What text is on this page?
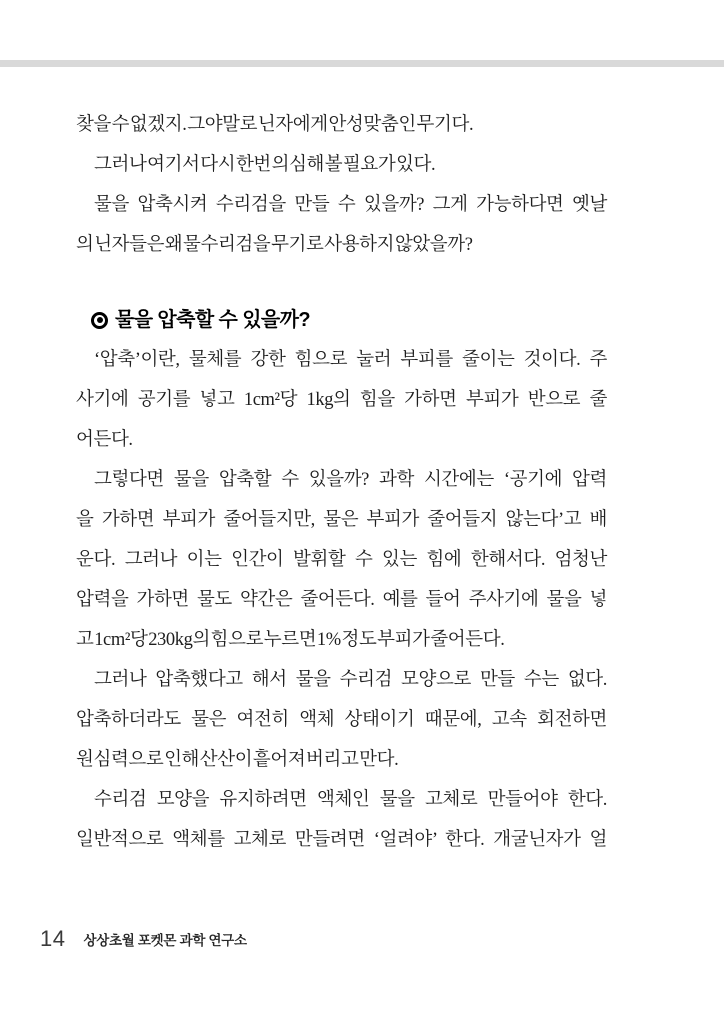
찾을 수 없겠지. 그야말로 닌자에게 안성맞춤인 무기다.

그러나 여기서 다시 한번 의심해 볼 필요가 있다.

물을 압축시켜 수리검을 만들 수 있을까? 그게 가능하다면 옛날

의 닌자들은 왜 물수리검을 무기로 사용하지 않았을까?

물을 압축할 수 있을까?

‘압축’이란, 물체를 강한 힘으로 눌러 부피를 줄이는 것이다. 주

사기에 공기를 넣고 1cm²당 1kg의 힘을 가하면 부피가 반으로 줄

어든다.

그렇다면 물을 압축할 수 있을까? 과학 시간에는 ‘공기에 압력

을 가하면 부피가 줄어들지만, 물은 부피가 줄어들지 않는다’고 배

운다. 그러나 이는 인간이 발휘할 수 있는 힘에 한해서다. 엄청난

압력을 가하면 물도 약간은 줄어든다. 예를 들어 주사기에 물을 넣

고 1cm²당 230kg의 힘으로 누르면 1% 정도 부피가 줄어든다.

그러나 압축했다고 해서 물을 수리검 모양으로 만들 수는 없다.

압축하더라도 물은 여전히 액체 상태이기 때문에, 고속 회전하면

원심력으로 인해 산산이 흩어져 버리고 만다.

수리검 모양을 유지하려면 액체인 물을 고체로 만들어야 한다.

일반적으로 액체를 고체로 만들려면 ‘얼려야’ 한다. 개굴닌자가 얼

14 상상초월 포켓몬 과학 연구소
